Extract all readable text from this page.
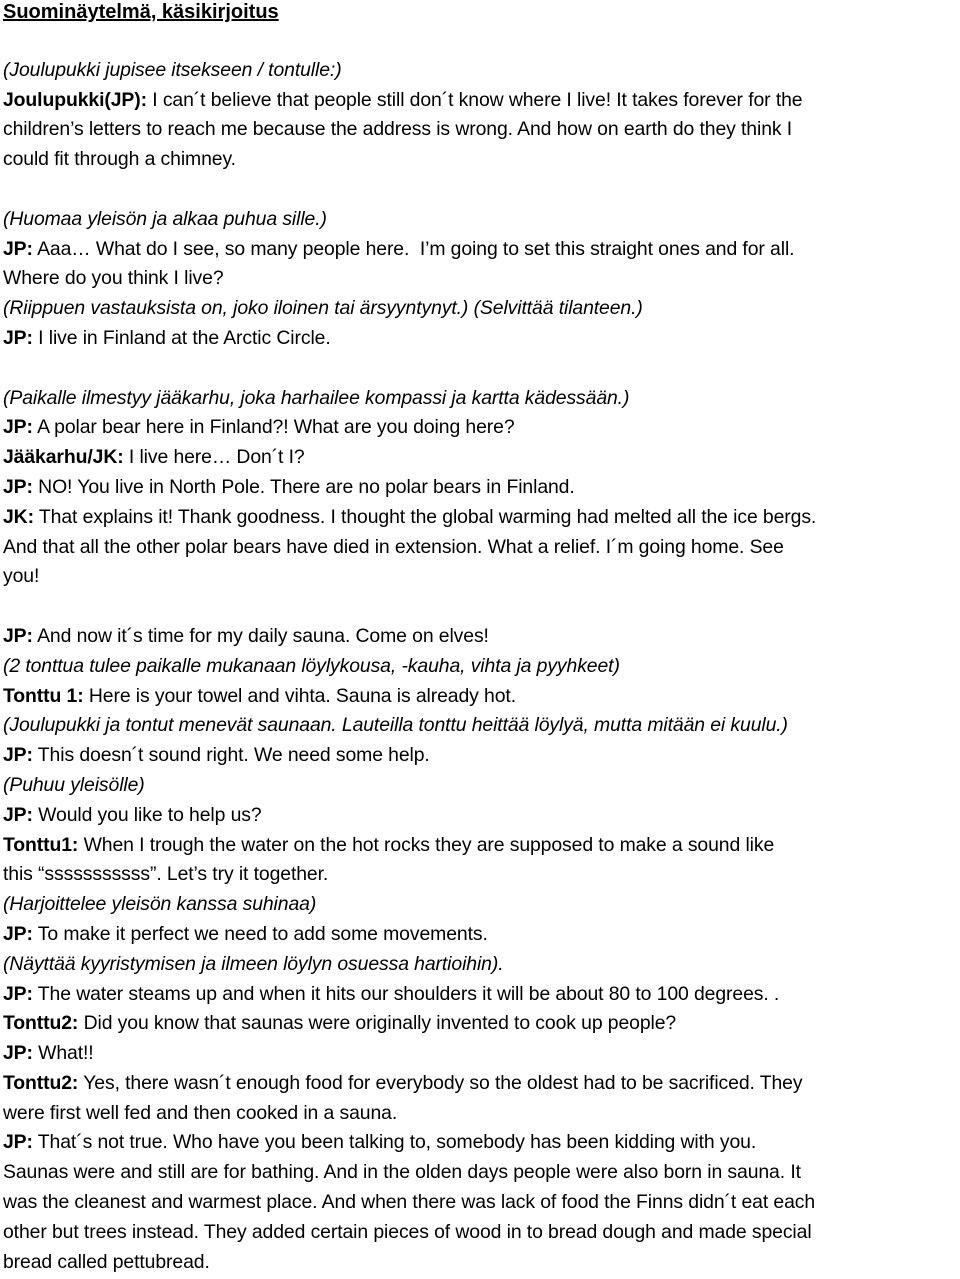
Suominäytelmä, käsikirjoitus
(Joulupukki jupisee itsekseen / tontulle:)
Joulupukki(JP): I can´t believe that people still don´t know where I live! It takes forever for the
children’s letters to reach me because the address is wrong. And how on earth do they think I
could fit through a chimney.
(Huomaa yleisön ja alkaa puhua sille.)
JP: Aaa… What do I see, so many people here.  I’m going to set this straight ones and for all.
Where do you think I live?
(Riippuen vastauksista on, joko iloinen tai ärsyyntynyt.) (Selvittää tilanteen.)
JP: I live in Finland at the Arctic Circle.
(Paikalle ilmestyy jääkarhu, joka harhailee kompassi ja kartta kädessään.)
JP: A polar bear here in Finland?! What are you doing here?
Jääkarhu/JK: I live here… Don´t I?
JP: NO! You live in North Pole. There are no polar bears in Finland.
JK: That explains it! Thank goodness. I thought the global warming had melted all the ice bergs.
And that all the other polar bears have died in extension. What a relief. I´m going home. See
you!
JP: And now it´s time for my daily sauna. Come on elves!
(2 tonttua tulee paikalle mukanaan löylykousa, -kauha, vihta ja pyyhkeet)
Tonttu 1: Here is your towel and vihta. Sauna is already hot.
(Joulupukki ja tontut menevät saunaan. Lauteilla tonttu heittää löylyä, mutta mitään ei kuulu.)
JP: This doesn´t sound right. We need some help.
(Puhuu yleisölle)
JP: Would you like to help us?
Tonttu1: When I trough the water on the hot rocks they are supposed to make a sound like
this “sssssssssss”. Let’s try it together.
(Harjoittelee yleisön kanssa suhinaa)
JP: To make it perfect we need to add some movements.
(Näyttää kyyristymisen ja ilmeen löylyn osuessa hartioihin).
JP: The water steams up and when it hits our shoulders it will be about 80 to 100 degrees. .
Tonttu2: Did you know that saunas were originally invented to cook up people?
JP: What!!
Tonttu2: Yes, there wasn´t enough food for everybody so the oldest had to be sacrificed. They
were first well fed and then cooked in a sauna.
JP: That´s not true. Who have you been talking to, somebody has been kidding with you.
Saunas were and still are for bathing. And in the olden days people were also born in sauna. It
was the cleanest and warmest place. And when there was lack of food the Finns didn´t eat each
other but trees instead. They added certain pieces of wood in to bread dough and made special
bread called pettubread.
